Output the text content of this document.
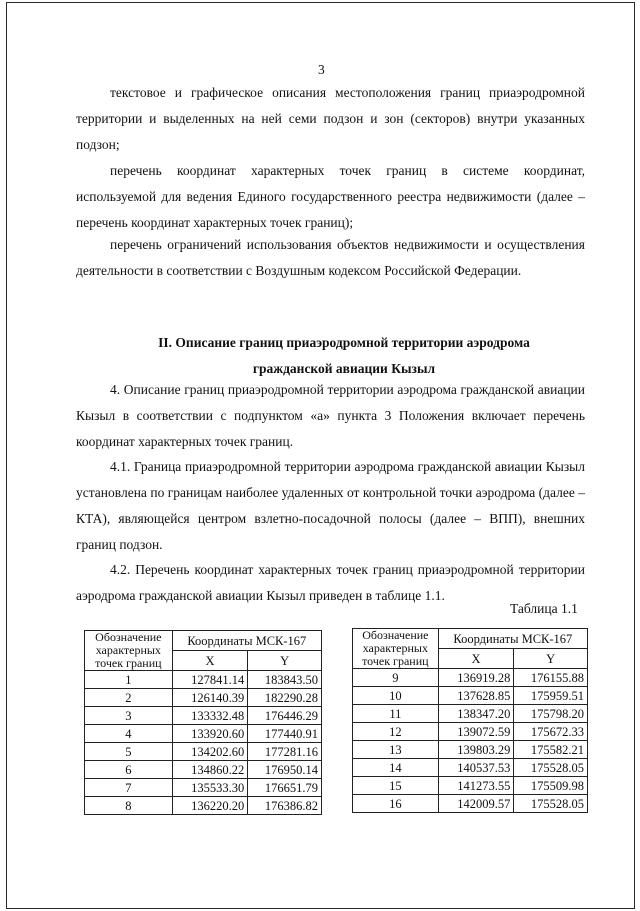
3
текстовое и графическое описания местоположения границ приаэродромной территории и выделенных на ней семи подзон и зон (секторов) внутри указанных подзон;
перечень координат характерных точек границ в системе координат, используемой для ведения Единого государственного реестра недвижимости (далее – перечень координат характерных точек границ);
перечень ограничений использования объектов недвижимости и осуществления деятельности в соответствии с Воздушным кодексом Российской Федерации.
II. Описание границ приаэродромной территории аэродрома
гражданской авиации Кызыл
4. Описание границ приаэродромной территории аэродрома гражданской авиации Кызыл в соответствии с подпунктом «а» пункта 3 Положения включает перечень координат характерных точек границ.
4.1. Граница приаэродромной территории аэродрома гражданской авиации Кызыл установлена по границам наиболее удаленных от контрольной точки аэродрома (далее – КТА), являющейся центром взлетно-посадочной полосы (далее – ВПП), внешних границ подзон.
4.2. Перечень координат характерных точек границ приаэродромной территории аэродрома гражданской авиации Кызыл приведен в таблице 1.1.
Таблица 1.1
Обозначение характерных точек границ	Координаты МСК-167	
	X	Y
1	127841.14	183843.50
2	126140.39	182290.28
3	133332.48	176446.29
4	133920.60	177440.91
5	134202.60	177281.16
6	134860.22	176950.14
7	135533.30	176651.79
8	136220.20	176386.82
Обозначение характерных точек границ	Координаты МСК-167	
	X	Y
9	136919.28	176155.88
10	137628.85	175959.51
11	138347.20	175798.20
12	139072.59	175672.33
13	139803.29	175582.21
14	140537.53	175528.05
15	141273.55	175509.98
16	142009.57	175528.05
